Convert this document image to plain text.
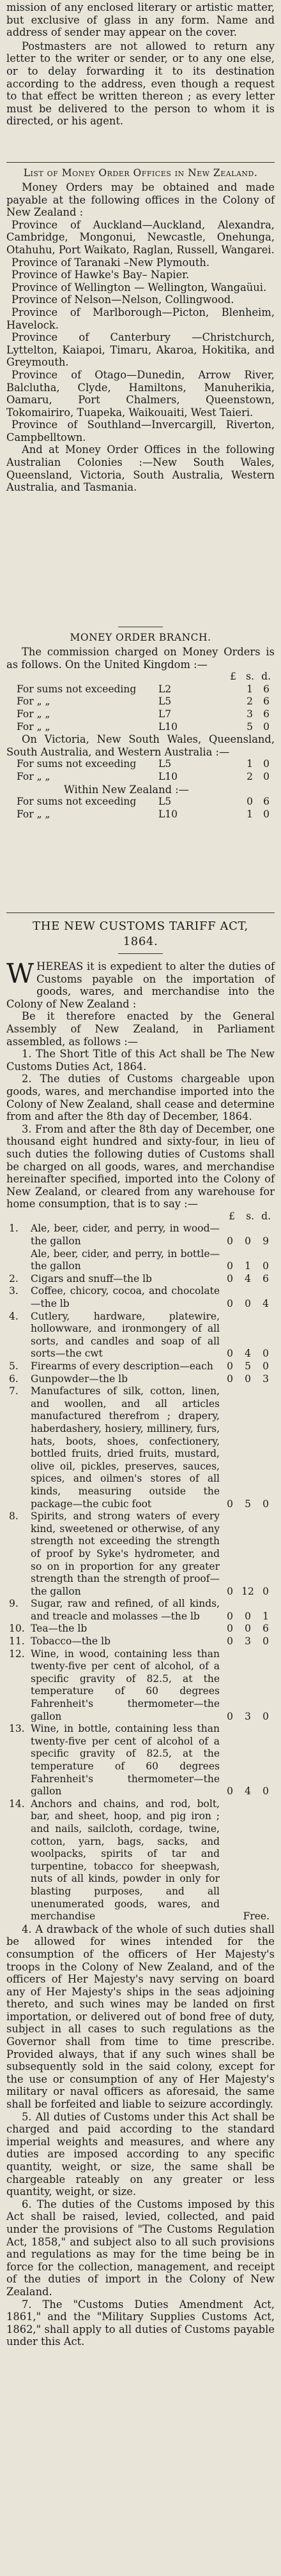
mission of any enclosed literary or artistic matter, but exclusive of glass in any form. Name and address of sender may appear on the cover.

Postmasters are not allowed to return any letter to the writer or sender, or to any one else, or to delay forwarding it to its destination according to the address, even though a request to that effect be written thereon ; as every letter must be delivered to the person to whom it is directed, or his agent.

List of Money Order Offices in New Zealand.

Money Orders may be obtained and made payable at the following offices in the Colony of New Zealand :

Province of Auckland—Auckland, Alexandra, Cambridge, Mongonui, Newcastle, Onehunga, Otahuhu, Port Waikato, Raglan, Russell, Wangarei.

Province of Taranaki –New Plymouth.

Province of Hawke's Bay– Napier.

Province of Wellington — Wellington, Wangaüui.

Province of Nelson—Nelson, Collingwood.

Province of Marlborough—Picton, Blenheim, Havelock.

Province of Canterbury —Christchurch, Lyttelton, Kaiapoi, Timaru, Akaroa, Hokitika, and Greymouth.

Province of Otago—Dunedin, Arrow River, Balclutha, Clyde, Hamiltons, Manuherikia, Oamaru, Port Chalmers, Queenstown, Tokomairiro, Tuapeka, Waikouaiti, West Taieri.

Province of Southland—Invercargill, Riverton, Campbelltown.

And at Money Order Offices in the following Australian Colonies :—New South Wales, Queensland, Victoria, South Australia, Western Australia, and Tasmania.

MONEY ORDER BRANCH.

The commission charged on Money Orders is as follows. On the United Kingdom :—

£ s. d.
For sums not exceeding L2	1 6
For „ „	L5	2 6
For „ „	L7	3 6
For „ „	L10	5 0

On Victoria, New South Wales, Queensland, South Australia, and Western Australia :—

For sums not exceeding L5	1 0
For „ „	L10	2 0

Within New Zealand :—

For sums not exceeding L5	0 6
For „ „	L10	1 0

THE NEW CUSTOMS TARIFF ACT,

1864.

WHEREAS it is expedient to alter the duties of Customs payable on the importation of goods, wares, and merchandise into the Colony of New Zealand :

Be it therefore enacted by the General Assembly of New Zealand, in Parliament assembled, as follows :—

1. The Short Title of this Act shall be The New Customs Duties Act, 1864.

2. The duties of Customs chargeable upon goods, wares, and merchandise imported into the Colony of New Zealand, shall cease and determine from and after the 8th day of December, 1864.

3. From and after the 8th day of December, one thousand eight hundred and sixty-four, in lieu of such duties the following duties of Customs shall be charged on all goods, wares, and merchandise hereinafter specified, imported into the Colony of New Zealand, or cleared from any warehouse for home consumption, that is to say :—

£ s. d.
1. Ale, beer, cider, and perry, in wood—the gallon	0 0 9
Ale, beer, cider, and perry, in bottle—the gallon	0 1 0
2. Cigars and snuff—the lb	0 4 6
3. Coffee, chicory, cocoa, and chocolate—the lb	0 0 4
4. Cutlery, hardware, platewire, hollowware, and ironmongery of all sorts, and candles and soap of all sorts—the cwt	0 4 0
5. Firearms of every description—each	0 5 0
6. Gunpowder—the lb	0 0 3
7. Manufactures of silk, cotton, linen, and woollen, and all articles manufactured therefrom ; drapery, haberdashery, hosiery, millinery, furs, hats, boots, shoes, confectionery, bottled fruits, dried fruits, mustard, olive oil, pickles, preserves, sauces, spices, and oilmen's stores of all kinds, measuring outside the package—the cubic foot	0 5 0
8. Spirits, and strong waters of every kind, sweetened or otherwise, of any strength not exceeding the strength of proof by Syke's hydrometer, and so on in proportion for any greater strength than the strength of proof—the gallon	0 12 0
9. Sugar, raw and refined, of all kinds, and treacle and molasses —the lb	0 0 1
10. Tea—the lb	0 0 6
11. Tobacco—the lb	0 3 0
12. Wine, in wood, containing less than twenty-five per cent of alcohol, of a specific gravity of 82.5, at the temperature of 60 degrees Fahrenheit's thermometer—the gallon	0 3 0
13. Wine, in bottle, containing less than twenty-five per cent of alcohol of a specific gravity of 82.5, at the temperature of 60 degrees Fahrenheit's thermometer—the gallon	0 4 0
14. Anchors and chains, and rod, bolt, bar, and sheet, hoop, and pig iron ; and nails, sailcloth, cordage, twine, cotton, yarn, bags, sacks, and woolpacks, spirits of tar and turpentine, tobacco for sheepwash, nuts of all kinds, powder in only for blasting purposes, and all unenumerated goods, wares, and merchandise	Free.

4. A drawback of the whole of such duties shall be allowed for wines intended for the consumption of the officers of Her Majesty's troops in the Colony of New Zealand, and of the officers of Her Majesty's navy serving on board any of Her Majesty's ships in the seas adjoining thereto, and such wines may be landed on first importation, or delivered out of bond free of duty, subject in all cases to such regulations as the Governor shall from time to time prescribe. Provided always, that if any such wines shall be subsequently sold in the said colony, except for the use or consumption of any of Her Majesty's military or naval officers as aforesaid, the same shall be forfeited and liable to seizure accordingly.

5. All duties of Customs under this Act shall be charged and paid according to the standard imperial weights and measures, and where any duties are imposed according to any specific quantity, weight, or size, the same shall be chargeable rateably on any greater or less quantity, weight, or size.

6. The duties of the Customs imposed by this Act shall be raised, levied, collected, and paid under the provisions of "The Customs Regulation Act, 1858," and subject also to all such provisions and regulations as may for the time being be in force for the collection, management, and receipt of the duties of import in the Colony of New Zealand.

7. The "Customs Duties Amendment Act, 1861," and the "Military Supplies Customs Act, 1862," shall apply to all duties of Customs payable under this Act.
